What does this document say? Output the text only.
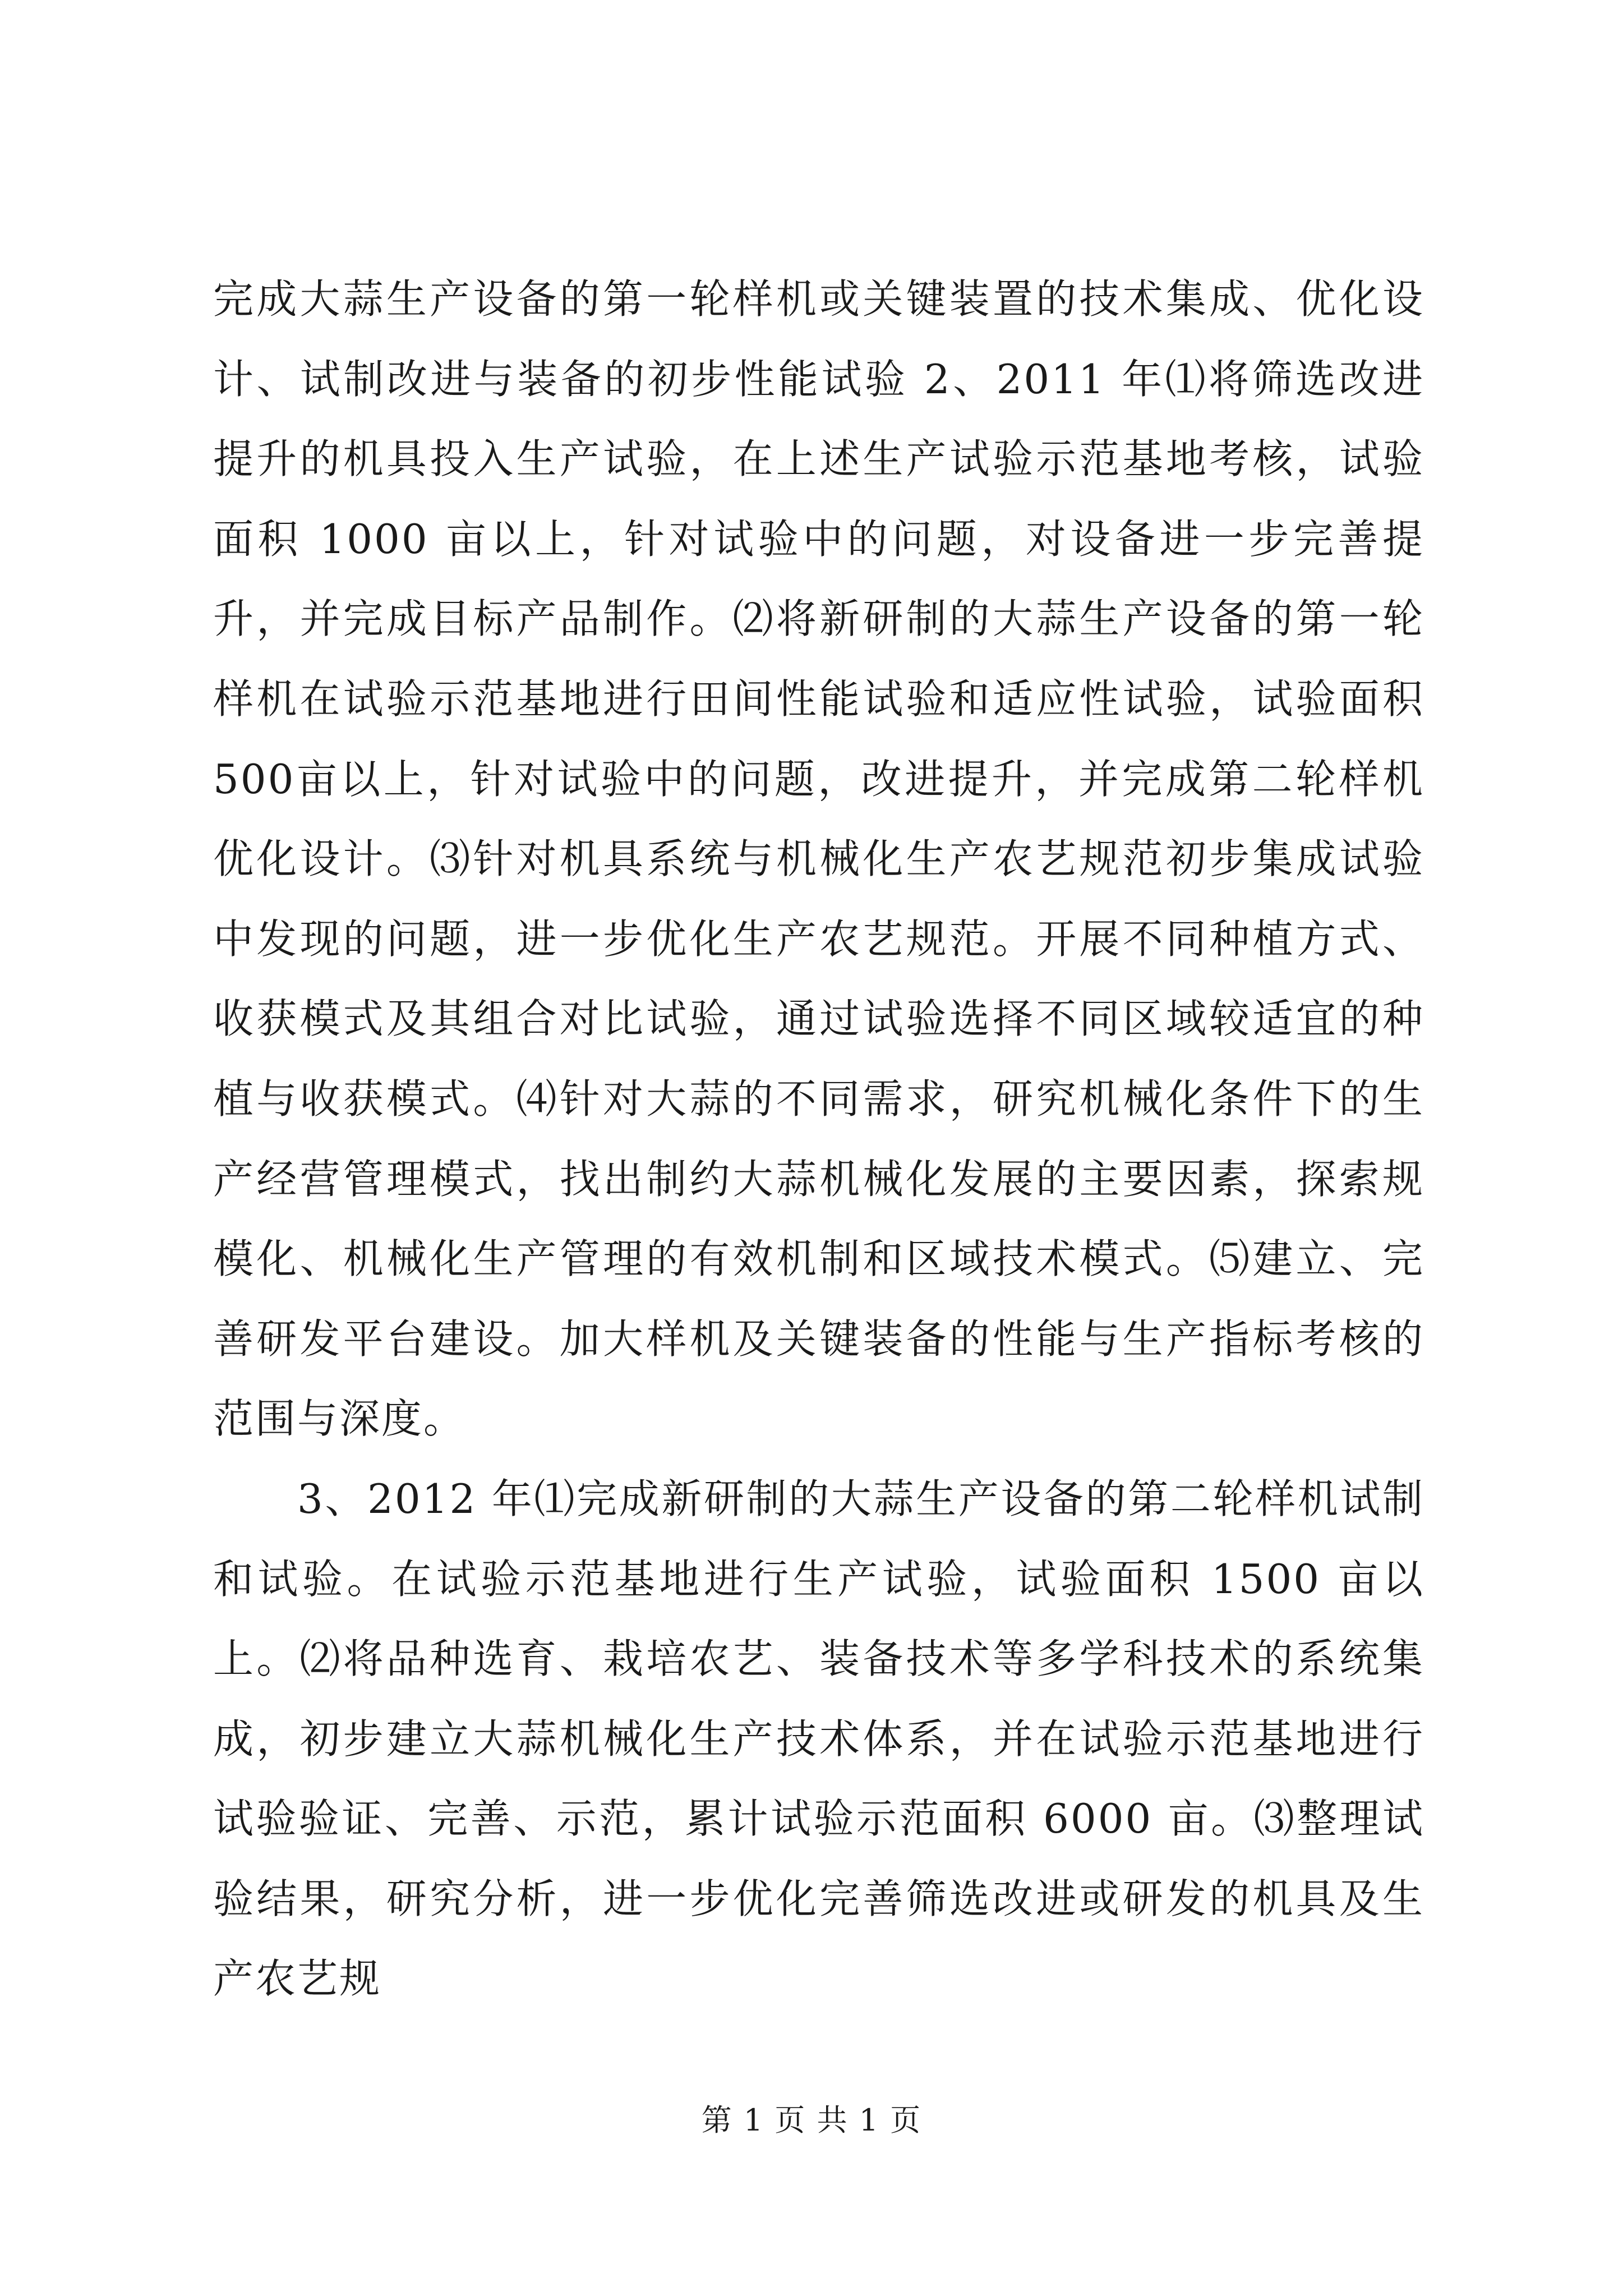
完成大蒜生产设备的第一轮样机或关键装置的技术集成、优化设计、试制改进与装备的初步性能试验 2、2011 年⑴将筛选改进提升的机具投入生产试验，在上述生产试验示范基地考核，试验面积 1000 亩以上，针对试验中的问题，对设备进一步完善提升，并完成目标产品制作。⑵将新研制的大蒜生产设备的第一轮样机在试验示范基地进行田间性能试验和适应性试验，试验面积 500亩以上，针对试验中的问题，改进提升，并完成第二轮样机优化设计。⑶针对机具系统与机械化生产农艺规范初步集成试验中发现的问题，进一步优化生产农艺规范。开展不同种植方式、收获模式及其组合对比试验，通过试验选择不同区域较适宜的种植与收获模式。⑷针对大蒜的不同需求，研究机械化条件下的生产经营管理模式，找出制约大蒜机械化发展的主要因素，探索规模化、机械化生产管理的有效机制和区域技术模式。⑸建立、完善研发平台建设。加大样机及关键装备的性能与生产指标考核的范围与深度。

3、2012 年⑴完成新研制的大蒜生产设备的第二轮样机试制和试验。在试验示范基地进行生产试验，试验面积 1500 亩以上。⑵将品种选育、栽培农艺、装备技术等多学科技术的系统集成，初步建立大蒜机械化生产技术体系，并在试验示范基地进行试验验证、完善、示范，累计试验示范面积 6000 亩。⑶整理试验结果，研究分析，进一步优化完善筛选改进或研发的机具及生产农艺规

第 1 页 共 1 页
